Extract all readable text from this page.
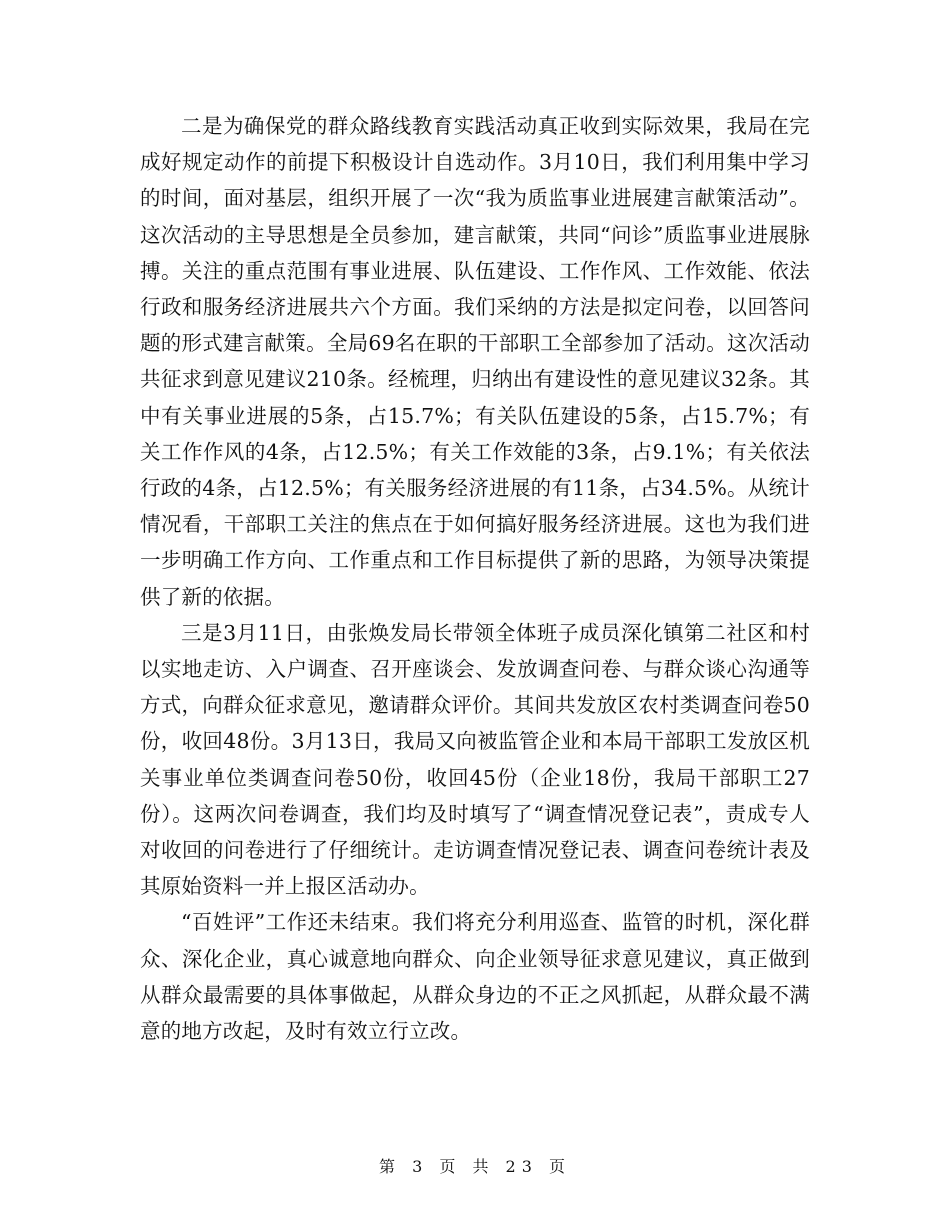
二是为确保党的群众路线教育实践活动真正收到实际效果，我局在完成好规定动作的前提下积极设计自选动作。3月10日，我们利用集中学习的时间，面对基层，组织开展了一次“我为质监事业进展建言献策活动”。这次活动的主导思想是全员参加，建言献策，共同“问诊”质监事业进展脉搏。关注的重点范围有事业进展、队伍建设、工作作风、工作效能、依法行政和服务经济进展共六个方面。我们采纳的方法是拟定问卷，以回答问题的形式建言献策。全局69名在职的干部职工全部参加了活动。这次活动共征求到意见建议210条。经梳理，归纳出有建设性的意见建议32条。其中有关事业进展的5条，占15.7%；有关队伍建设的5条，占15.7%；有关工作作风的4条，占12.5%；有关工作效能的3条，占9.1%；有关依法行政的4条，占12.5%；有关服务经济进展的有11条，占34.5%。从统计情况看，干部职工关注的焦点在于如何搞好服务经济进展。这也为我们进一步明确工作方向、工作重点和工作目标提供了新的思路，为领导决策提供了新的依据。

三是3月11日，由张焕发局长带领全体班子成员深化镇第二社区和村以实地走访、入户调查、召开座谈会、发放调查问卷、与群众谈心沟通等方式，向群众征求意见，邀请群众评价。其间共发放区农村类调查问卷50份，收回48份。3月13日，我局又向被监管企业和本局干部职工发放区机关事业单位类调查问卷50份，收回45份（企业18份，我局干部职工27份）。这两次问卷调查，我们均及时填写了“调查情况登记表”，责成专人对收回的问卷进行了仔细统计。走访调查情况登记表、调查问卷统计表及其原始资料一并上报区活动办。

“百姓评”工作还未结束。我们将充分利用巡查、监管的时机，深化群众、深化企业，真心诚意地向群众、向企业领导征求意见建议，真正做到从群众最需要的具体事做起，从群众身边的不正之风抓起，从群众最不满意的地方改起，及时有效立行立改。

第 3 页 共 23 页
